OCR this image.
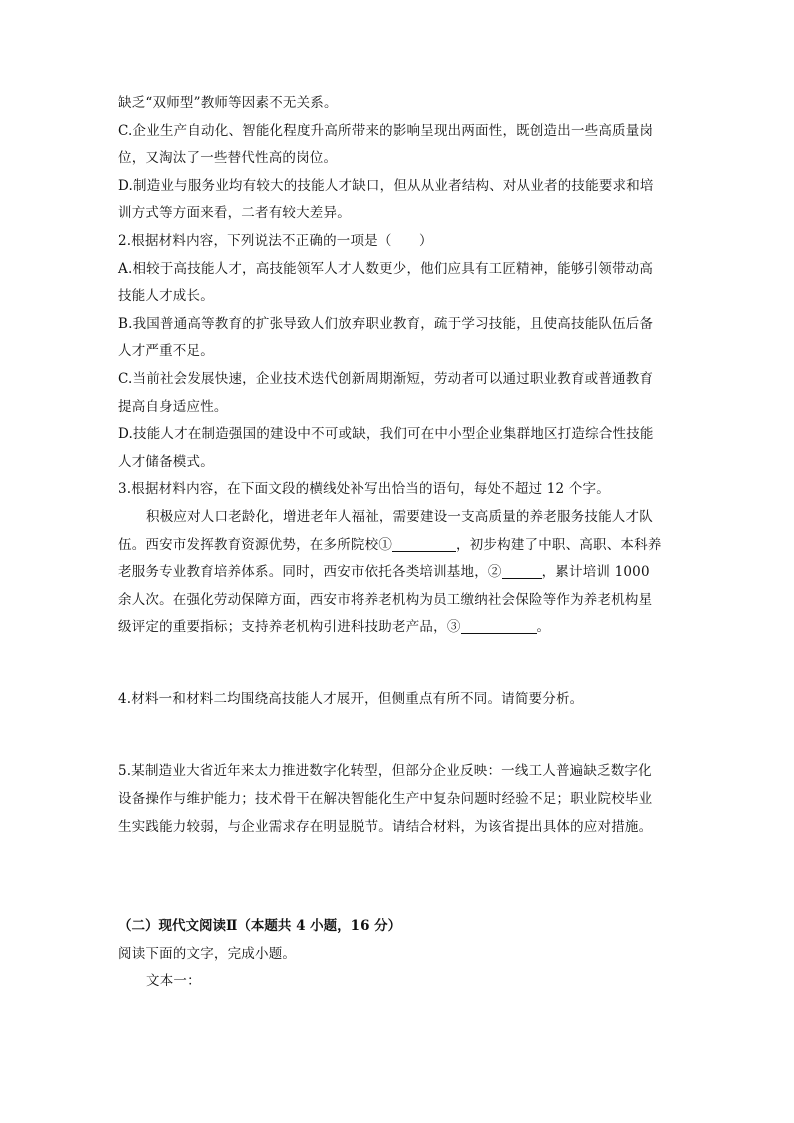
缺乏“双师型”教师等因素不无关系。
C.企业生产自动化、智能化程度升高所带来的影响呈现出两面性，既创造出一些高质量岗
位，又淘汰了一些替代性高的岗位。
D.制造业与服务业均有较大的技能人才缺口，但从从业者结构、对从业者的技能要求和培
训方式等方面来看，二者有较大差异。
2.根据材料内容，下列说法不正确的一项是（　　）
A.相较于高技能人才，高技能领军人才人数更少，他们应具有工匠精神，能够引领带动高
技能人才成长。
B.我国普通高等教育的扩张导致人们放弃职业教育，疏于学习技能，且使高技能队伍后备
人才严重不足。
C.当前社会发展快速，企业技术迭代创新周期渐短，劳动者可以通过职业教育或普通教育
提高自身适应性。
D.技能人才在制造强国的建设中不可或缺，我们可在中小型企业集群地区打造综合性技能
人才储备模式。
3.根据材料内容，在下面文段的横线处补写出恰当的语句，每处不超过 12 个字。
积极应对人口老龄化，增进老年人福祉，需要建设一支高质量的养老服务技能人才队
伍。西安市发挥教育资源优势，在多所院校①	，初步构建了中职、高职、本科养
老服务专业教育培养体系。同时，西安市依托各类培训基地，②	，累计培训 1000
余人次。在强化劳动保障方面，西安市将养老机构为员工缴纳社会保险等作为养老机构星
级评定的重要指标；支持养老机构引进科技助老产品，③	。
4.材料一和材料二均围绕高技能人才展开，但侧重点有所不同。请简要分析。
5.某制造业大省近年来太力推进数字化转型，但部分企业反映：一线工人普遍缺乏数字化
设备操作与维护能力；技术骨干在解决智能化生产中复杂问题时经验不足；职业院校毕业
生实践能力较弱，与企业需求存在明显脱节。请结合材料，为该省提出具体的应对措施。
（二）现代文阅读Ⅱ（本题共 4 小题，16 分）
阅读下面的文字，完成小题。
文本一：
